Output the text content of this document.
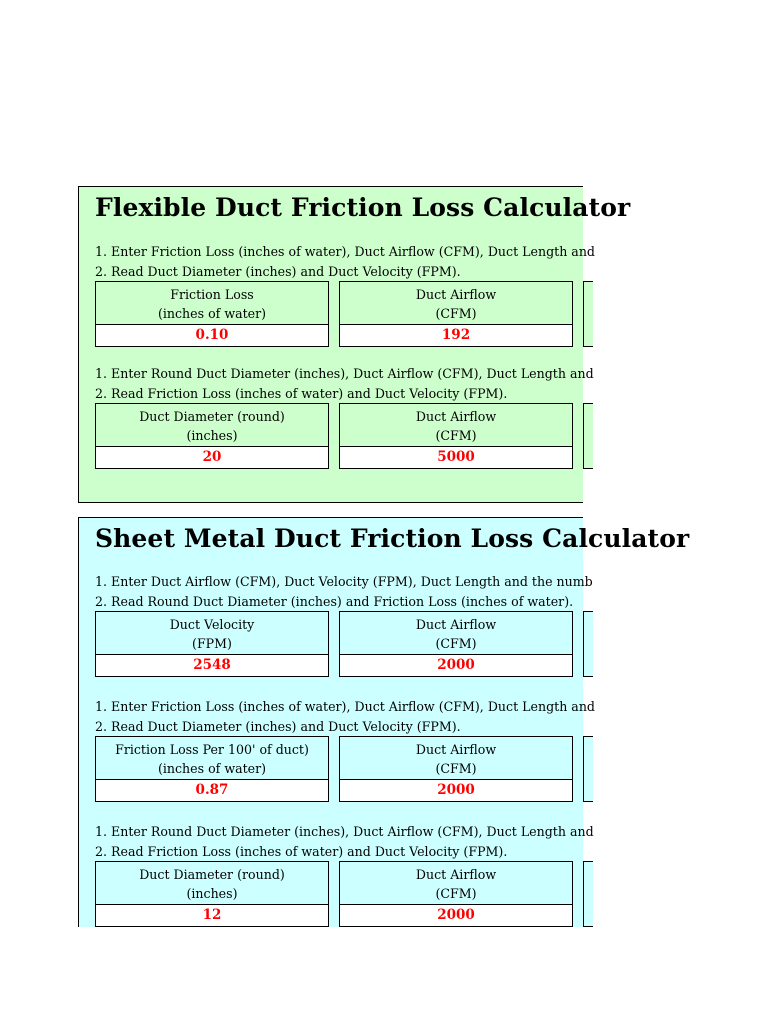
Flexible Duct Friction Loss Calculator
1. Enter Friction Loss (inches of water), Duct Airflow (CFM), Duct Length and
2. Read Duct Diameter (inches) and Duct Velocity (FPM).
Friction Loss
(inches of water)
0.10
Duct Airflow
(CFM)
192
1. Enter Round Duct Diameter (inches), Duct Airflow (CFM), Duct Length and
2. Read Friction Loss (inches of water) and Duct Velocity (FPM).
Duct Diameter (round)
(inches)
20
Duct Airflow
(CFM)
5000
Sheet Metal Duct Friction Loss Calculator
1. Enter Duct Airflow (CFM), Duct Velocity (FPM), Duct Length and the numb
2. Read Round Duct Diameter (inches) and Friction Loss (inches of water).
Duct Velocity
(FPM)
2548
Duct Airflow
(CFM)
2000
1. Enter Friction Loss (inches of water), Duct Airflow (CFM), Duct Length and
2. Read Duct Diameter (inches) and Duct Velocity (FPM).
Friction Loss Per 100' of duct)
(inches of water)
0.87
Duct Airflow
(CFM)
2000
1. Enter Round Duct Diameter (inches), Duct Airflow (CFM), Duct Length and
2. Read Friction Loss (inches of water) and Duct Velocity (FPM).
Duct Diameter (round)
(inches)
12
Duct Airflow
(CFM)
2000
